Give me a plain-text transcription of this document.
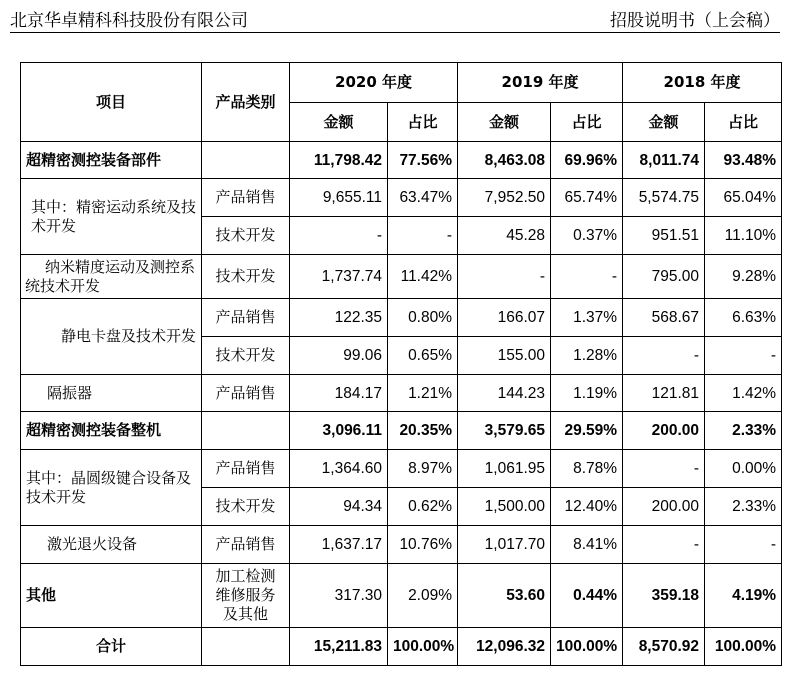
北京华卓精科科技股份有限公司	招股说明书（上会稿）
项目	产品类别	2020 年度		2019 年度		2018 年度	
		金额	占比	金额	占比	金额	占比
超精密测控装备部件		11,798.42	77.56%	8,463.08	69.96%	8,011.74	93.48%
其中：精密运动系统及技术开发	产品销售	9,655.11	63.47%	7,952.50	65.74%	5,574.75	65.04%
	技术开发	-	-	45.28	0.37%	951.51	11.10%
纳米精度运动及测控系统技术开发	技术开发	1,737.74	11.42%	-	-	795.00	9.28%
静电卡盘及技术开发	产品销售	122.35	0.80%	166.07	1.37%	568.67	6.63%
	技术开发	99.06	0.65%	155.00	1.28%	-	-
隔振器	产品销售	184.17	1.21%	144.23	1.19%	121.81	1.42%
超精密测控装备整机		3,096.11	20.35%	3,579.65	29.59%	200.00	2.33%
其中：晶圆级键合设备及技术开发	产品销售	1,364.60	8.97%	1,061.95	8.78%	-	0.00%
	技术开发	94.34	0.62%	1,500.00	12.40%	200.00	2.33%
激光退火设备	产品销售	1,637.17	10.76%	1,017.70	8.41%	-	-
其他	加工检测维修服务及其他	317.30	2.09%	53.60	0.44%	359.18	4.19%
合计		15,211.83	100.00%	12,096.32	100.00%	8,570.92	100.00%
